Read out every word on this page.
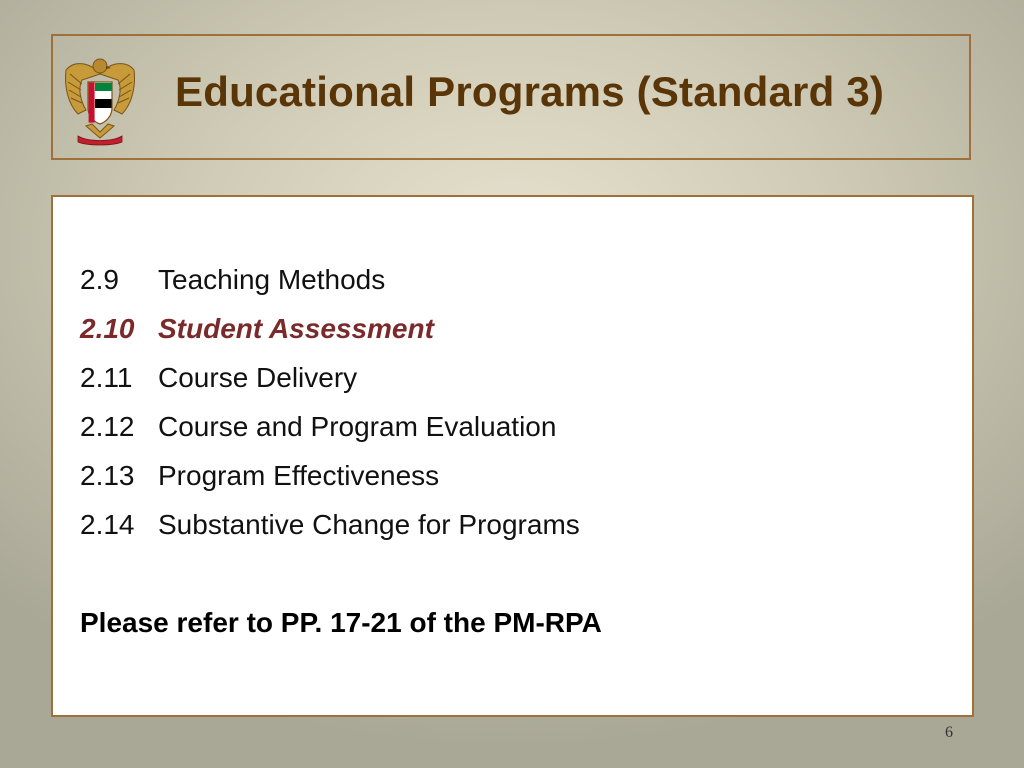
Educational Programs (Standard 3)
2.9 Teaching Methods
2.10 Student Assessment
2.11 Course Delivery
2.12 Course and Program Evaluation
2.13 Program Effectiveness
2.14 Substantive Change for Programs
Please refer to PP. 17-21 of the PM-RPA
6
